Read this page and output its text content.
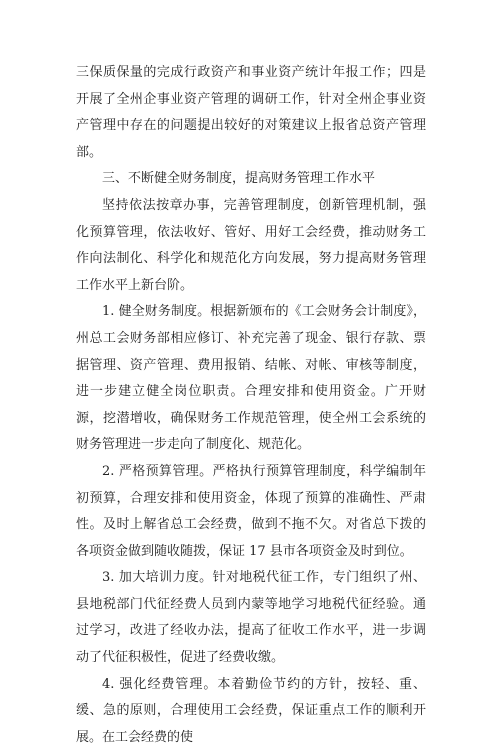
三保质保量的完成行政资产和事业资产统计年报工作；四是开展了全州企事业资产管理的调研工作，针对全州企事业资产管理中存在的问题提出较好的对策建议上报省总资产管理部。

三、不断健全财务制度，提高财务管理工作水平

坚持依法按章办事，完善管理制度，创新管理机制，强化预算管理，依法收好、管好、用好工会经费，推动财务工作向法制化、科学化和规范化方向发展，努力提高财务管理工作水平上新台阶。

1. 健全财务制度。根据新颁布的《工会财务会计制度》，州总工会财务部相应修订、补充完善了现金、银行存款、票据管理、资产管理、费用报销、结帐、对帐、审核等制度，进一步建立健全岗位职责。合理安排和使用资金。广开财源，挖潜增收，确保财务工作规范管理，使全州工会系统的财务管理进一步走向了制度化、规范化。

2. 严格预算管理。严格执行预算管理制度，科学编制年初预算，合理安排和使用资金，体现了预算的准确性、严肃性。及时上解省总工会经费，做到不拖不欠。对省总下拨的各项资金做到随收随拨，保证 17 县市各项资金及时到位。

3. 加大培训力度。针对地税代征工作，专门组织了州、县地税部门代征经费人员到内蒙等地学习地税代征经验。通过学习，改进了经收办法，提高了征收工作水平，进一步调动了代征积极性，促进了经费收缴。

4. 强化经费管理。本着勤俭节约的方针，按轻、重、缓、急的原则，合理使用工会经费，保证重点工作的顺利开展。在工会经费的使
